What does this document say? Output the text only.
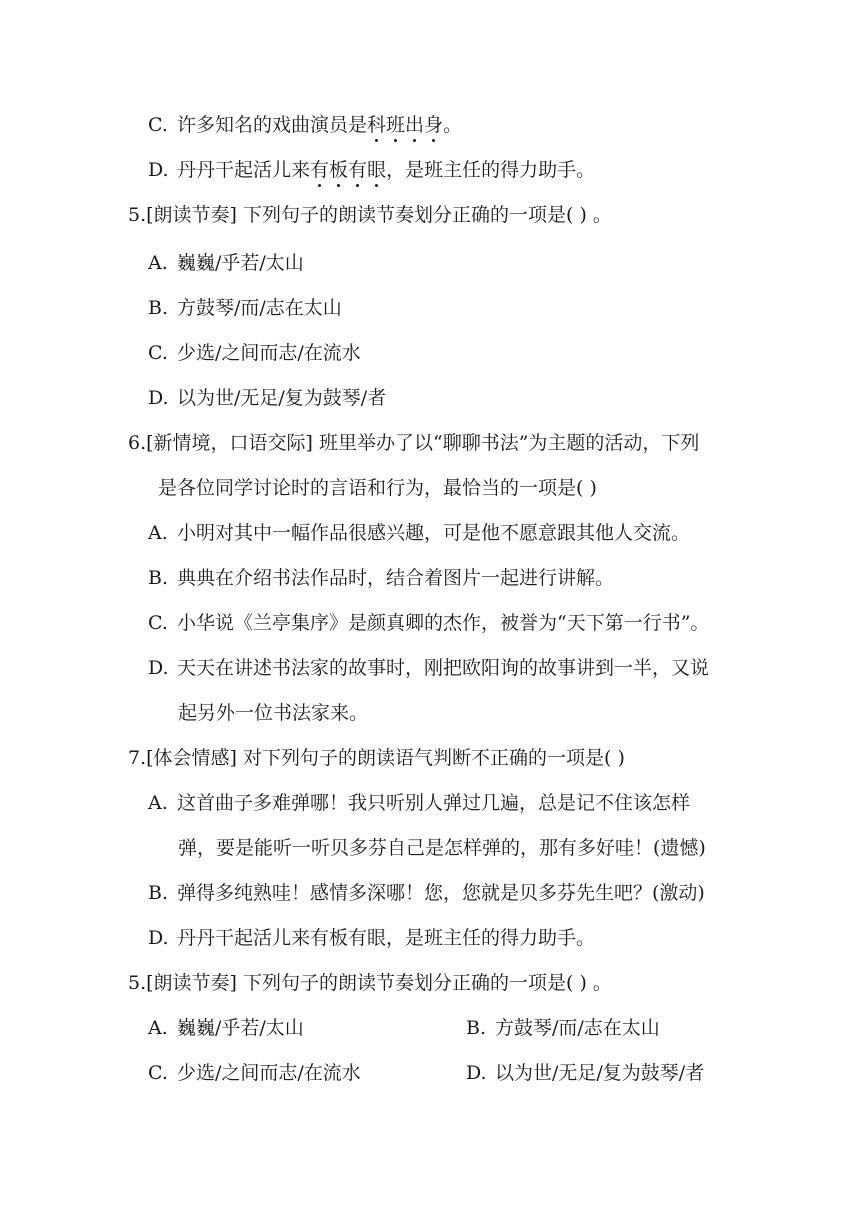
C. 许多知名的戏曲演员是科班出身。
D. 丹丹干起活儿来有板有眼，是班主任的得力助手。
5.[朗读节奏] 下列句子的朗读节奏划分正确的一项是( ) 。
A. 巍巍/乎若/太山
B. 方鼓琴/而/志在太山
C. 少选/之间而志/在流水
D. 以为世/无足/复为鼓琴/者
6.[新情境，口语交际] 班里举办了以“聊聊书法”为主题的活动，下列
是各位同学讨论时的言语和行为，最恰当的一项是( )
A. 小明对其中一幅作品很感兴趣，可是他不愿意跟其他人交流。
B. 典典在介绍书法作品时，结合着图片一起进行讲解。
C. 小华说《兰亭集序》是颜真卿的杰作，被誉为“天下第一行书”。
D. 天天在讲述书法家的故事时，刚把欧阳询的故事讲到一半，又说
起另外一位书法家来。
7.[体会情感] 对下列句子的朗读语气判断不正确的一项是( )
A. 这首曲子多难弹哪！我只听别人弹过几遍，总是记不住该怎样
弹，要是能听一听贝多芬自己是怎样弹的，那有多好哇！(遗憾)
B. 弹得多纯熟哇！感情多深哪！您，您就是贝多芬先生吧？(激动)
D. 丹丹干起活儿来有板有眼，是班主任的得力助手。
5.[朗读节奏] 下列句子的朗读节奏划分正确的一项是( ) 。
A. 巍巍/乎若/太山	B. 方鼓琴/而/志在太山
C. 少选/之间而志/在流水	D. 以为世/无足/复为鼓琴/者
